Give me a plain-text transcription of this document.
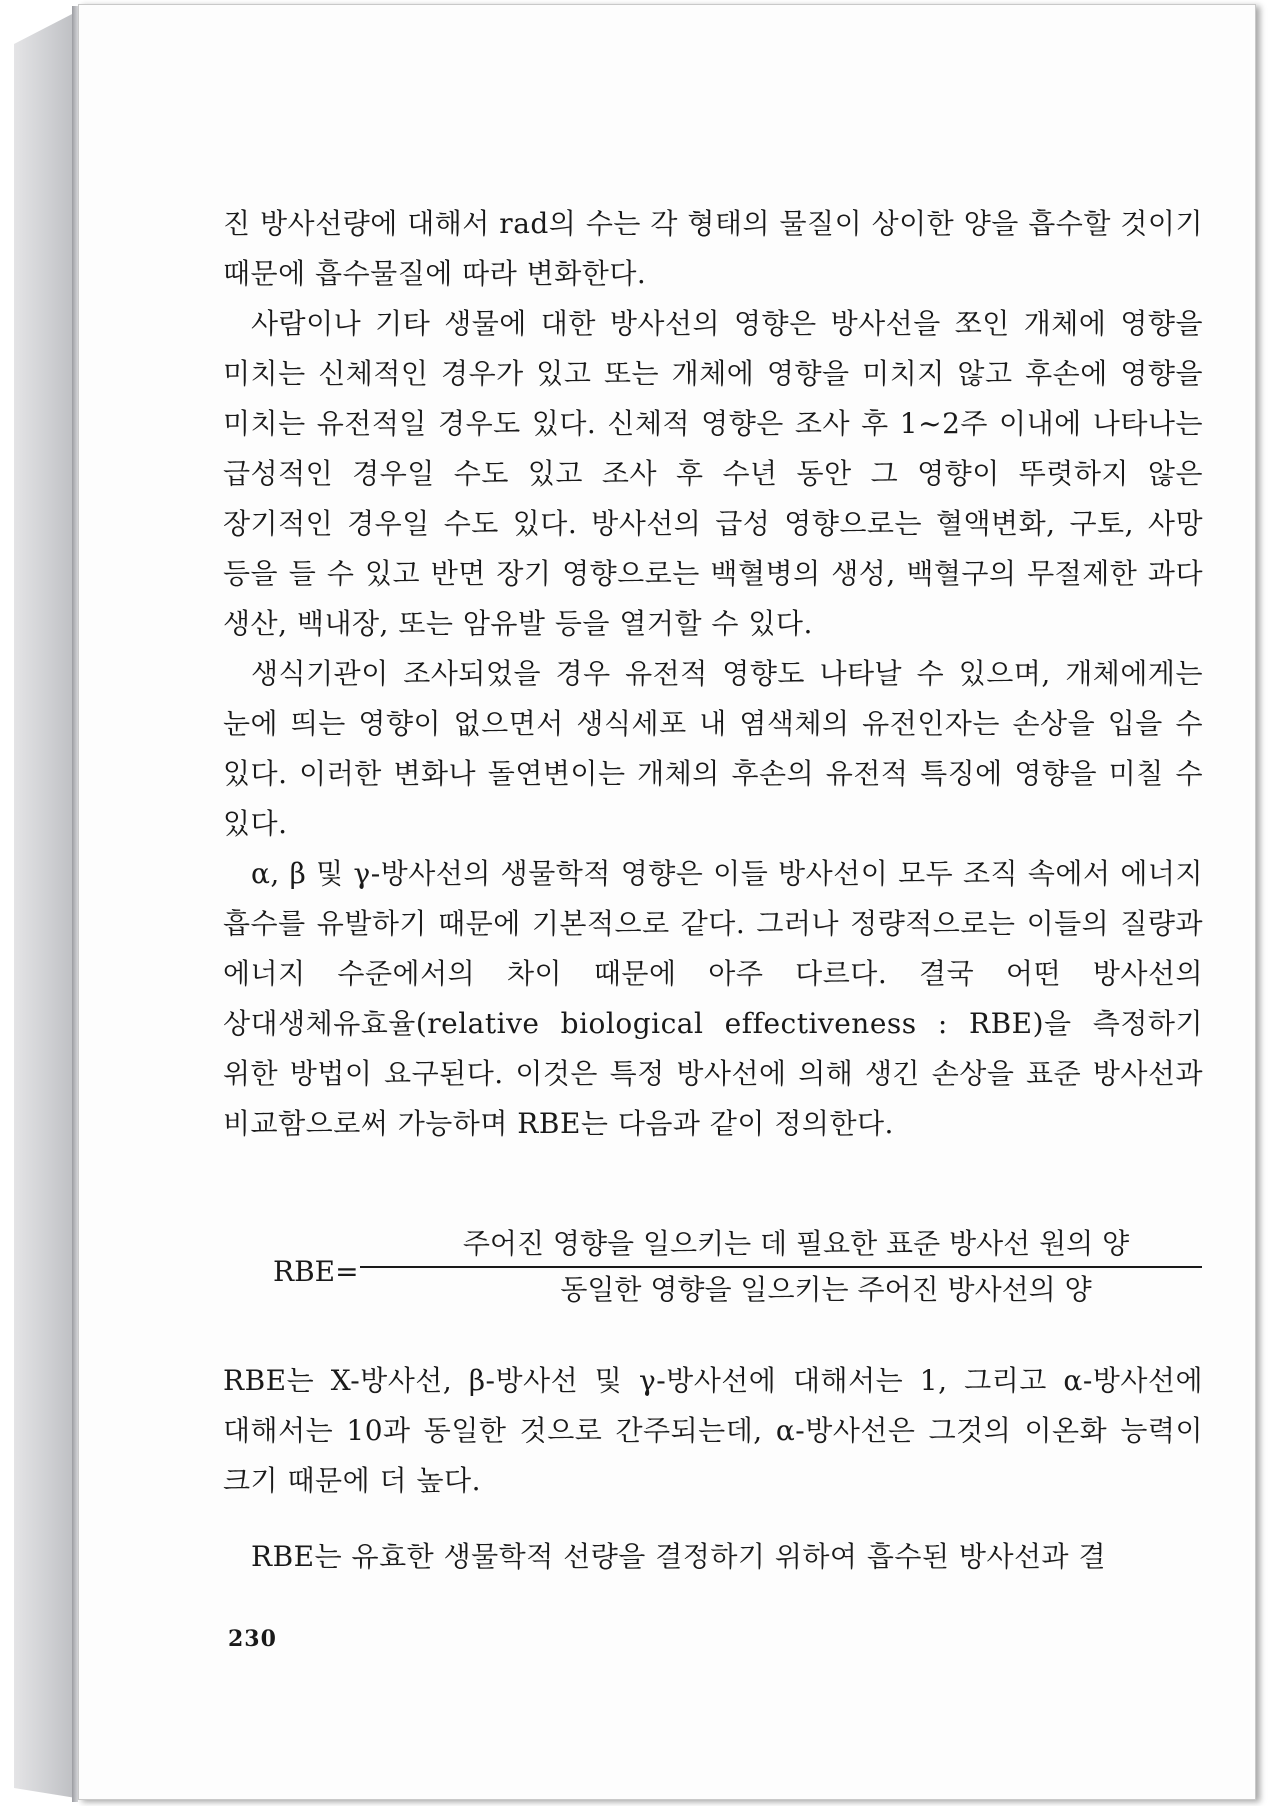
진 방사선량에 대해서 rad의 수는 각 형태의 물질이 상이한 양을 흡수할 것이기 때문에 흡수물질에 따라 변화한다.

사람이나 기타 생물에 대한 방사선의 영향은 방사선을 쪼인 개체에 영향을 미치는 신체적인 경우가 있고 또는 개체에 영향을 미치지 않고 후손에 영향을 미치는 유전적일 경우도 있다. 신체적 영향은 조사 후 1~2주 이내에 나타나는 급성적인 경우일 수도 있고 조사 후 수년 동안 그 영향이 뚜렷하지 않은 장기적인 경우일 수도 있다. 방사선의 급성 영향으로는 혈액변화, 구토, 사망 등을 들 수 있고 반면 장기 영향으로는 백혈병의 생성, 백혈구의 무절제한 과다 생산, 백내장, 또는 암유발 등을 열거할 수 있다.

생식기관이 조사되었을 경우 유전적 영향도 나타날 수 있으며, 개체에게는 눈에 띄는 영향이 없으면서 생식세포 내 염색체의 유전인자는 손상을 입을 수 있다. 이러한 변화나 돌연변이는 개체의 후손의 유전적 특징에 영향을 미칠 수 있다.

α, β 및 γ-방사선의 생물학적 영향은 이들 방사선이 모두 조직 속에서 에너지 흡수를 유발하기 때문에 기본적으로 같다. 그러나 정량적으로는 이들의 질량과 에너지 수준에서의 차이 때문에 아주 다르다. 결국 어떤 방사선의 상대생체유효율(relative biological effectiveness : RBE)을 측정하기 위한 방법이 요구된다. 이것은 특정 방사선에 의해 생긴 손상을 표준 방사선과 비교함으로써 가능하며 RBE는 다음과 같이 정의한다.

RBE=
주어진 영향을 일으키는 데 필요한 표준 방사선 원의 양
동일한 영향을 일으키는 주어진 방사선의 양

RBE는 X-방사선, β-방사선 및 γ-방사선에 대해서는 1, 그리고 α-방사선에 대해서는 10과 동일한 것으로 간주되는데, α-방사선은 그것의 이온화 능력이 크기 때문에 더 높다.

RBE는 유효한 생물학적 선량을 결정하기 위하여 흡수된 방사선과 결

230
